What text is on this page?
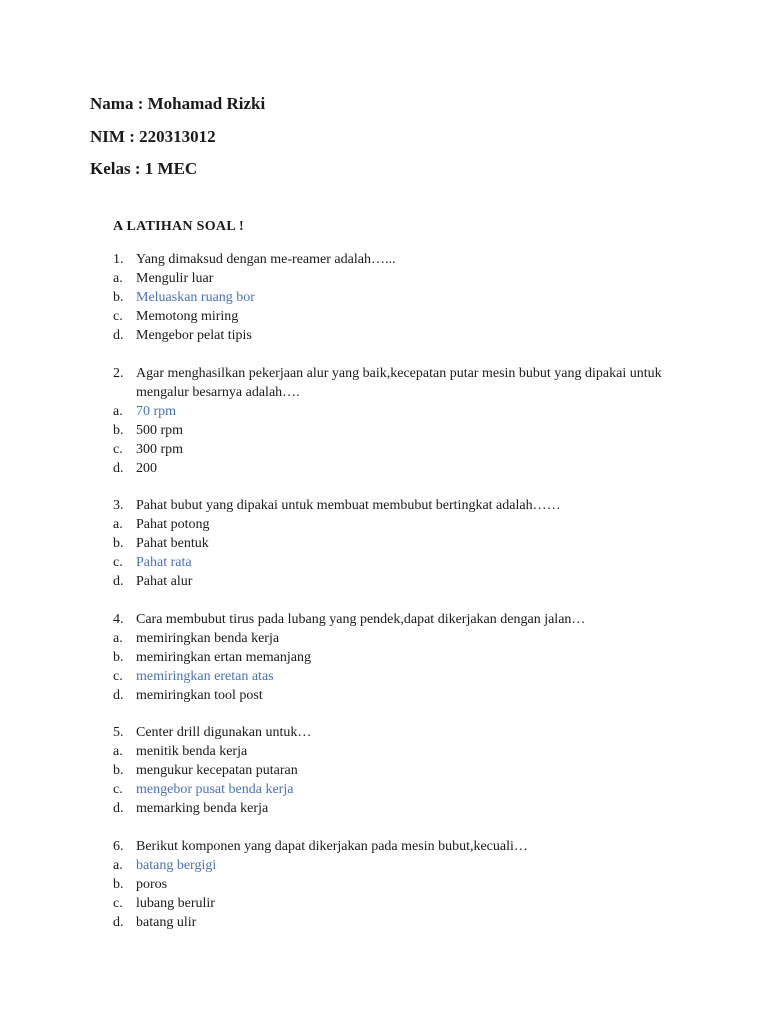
Nama : Mohamad Rizki
NIM : 220313012
Kelas : 1 MEC
A LATIHAN SOAL !
1. Yang dimaksud dengan me-reamer adalah…...
a. Mengulir luar
b. Meluaskan ruang bor
c. Memotong miring
d. Mengebor pelat tipis
2. Agar menghasilkan pekerjaan alur yang baik,kecepatan putar mesin bubut yang dipakai untuk mengalur besarnya adalah….
a. 70 rpm
b. 500 rpm
c. 300 rpm
d. 200
3. Pahat bubut yang dipakai untuk membuat membubut bertingkat adalah……
a. Pahat potong
b. Pahat bentuk
c. Pahat rata
d. Pahat alur
4. Cara membubut tirus pada lubang yang pendek,dapat dikerjakan dengan jalan…
a. memiringkan benda kerja
b. memiringkan ertan memanjang
c. memiringkan eretan atas
d. memiringkan tool post
5. Center drill digunakan untuk…
a. menitik benda kerja
b. mengukur kecepatan putaran
c. mengebor pusat benda kerja
d. memarking benda kerja
6. Berikut komponen yang dapat dikerjakan pada mesin bubut,kecuali…
a. batang bergigi
b. poros
c. lubang berulir
d. batang ulir
